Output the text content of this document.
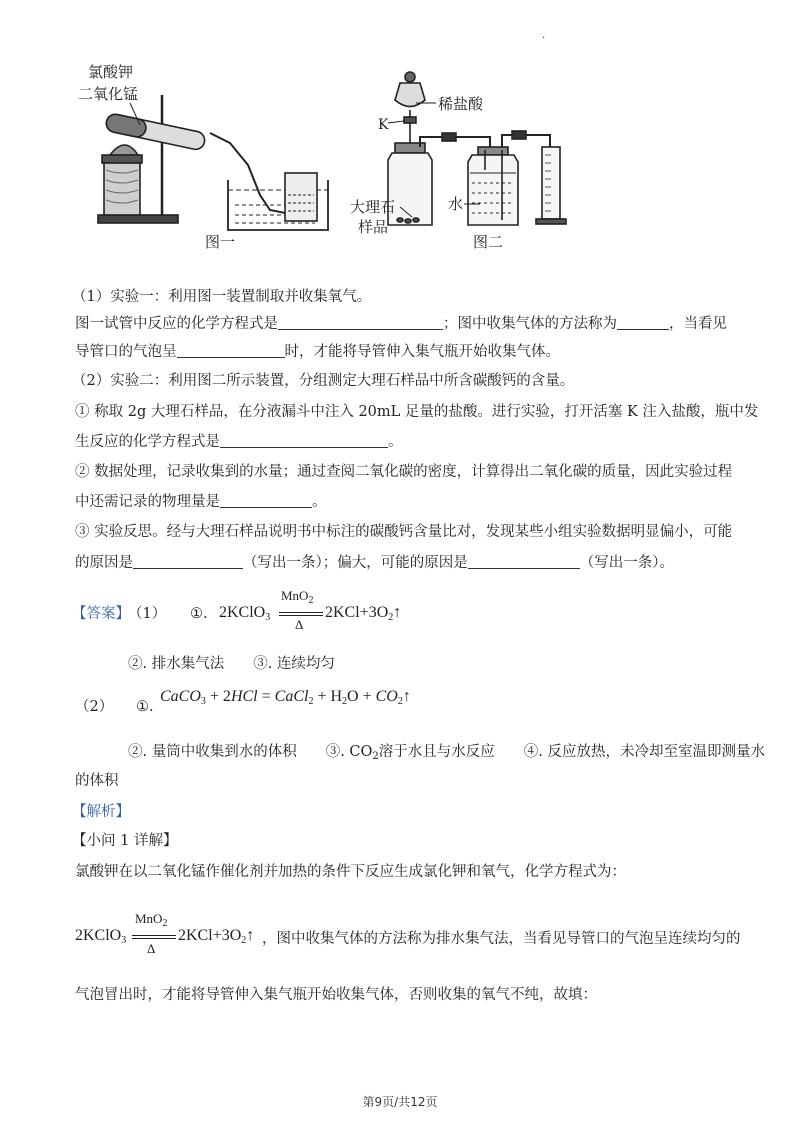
氯酸钾
二氧化锰
图一
稀盐酸
K
大理石
样品
水
图二
.
（1）实验一：利用图一装置制取并收集氧气。
图一试管中反应的化学方程式是	；图中收集气体的方法称为	，当看见
导管口的气泡呈	时，才能将导管伸入集气瓶开始收集气体。
（2）实验二：利用图二所示装置，分组测定大理石样品中所含碳酸钙的含量。
① 称取 2g 大理石样品，在分液漏斗中注入 20mL 足量的盐酸。进行实验，打开活塞 K 注入盐酸，瓶中发
生反应的化学方程式是	。
② 数据处理，记录收集到的水量；通过查阅二氧化碳的密度，计算得出二氧化碳的质量，因此实验过程
中还需记录的物理量是	。
③ 实验反思。经与大理石样品说明书中标注的碳酸钙含量比对，发现某些小组实验数据明显偏小，可能
的原因是	（写出一条）；偏大，可能的原因是	（写出一条）。
【答案】
（1） ①. 2KClO$_3$
MnO$_2$
Δ
$2KCl+3O_2↑$
②. 排水集气法　　③. 连续均匀
（2） ①.
CaCO$_3$ + 2HCl = CaCl$_2$ + $H_2O$ + $CO_2↑$
②. 量筒中收集到水的体积　　③. $CO_2$溶于水且与水反应　　④. 反应放热，未冷却至室温即测量水
的体积
【解析】
【小问 1 详解】
氯酸钾在以二氧化锰作催化剂并加热的条件下反应生成氯化钾和氧气，化学方程式为：
2KClO$_3$
MnO$_2$
Δ
$2KCl+3O_2↑$ ，图中收集气体的方法称为排水集气法，当看见导管口的气泡呈连续均匀的
气泡冒出时，才能将导管伸入集气瓶开始收集气体，否则收集的氧气不纯，故填：
第9页/共12页
